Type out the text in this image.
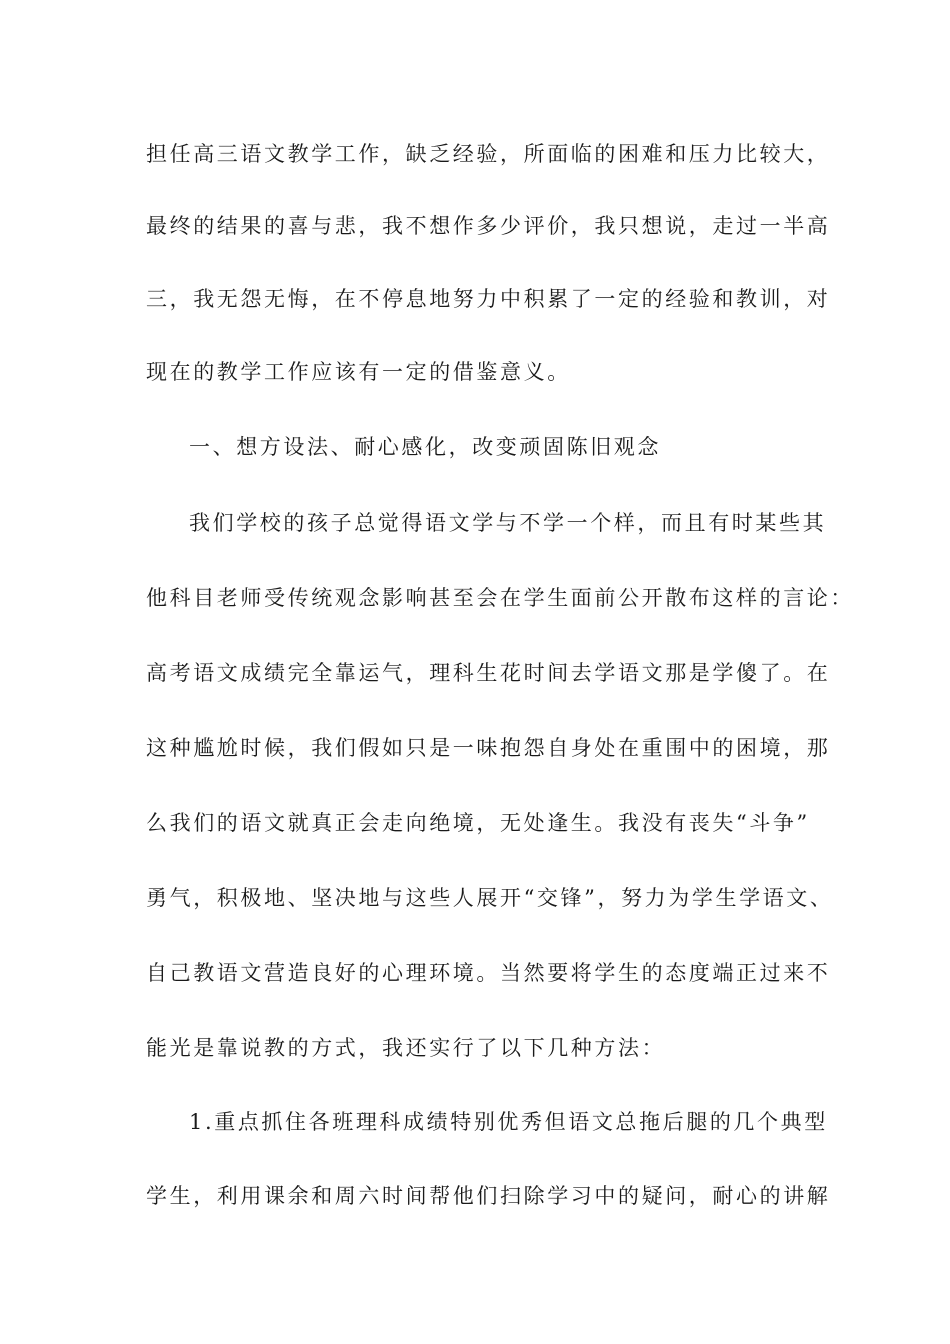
担任高三语文教学工作，缺乏经验，所面临的困难和压力比较大，
最终的结果的喜与悲，我不想作多少评价，我只想说，走过一半高
三，我无怨无悔，在不停息地努力中积累了一定的经验和教训，对
现在的教学工作应该有一定的借鉴意义。
一、想方设法、耐心感化，改变顽固陈旧观念
我们学校的孩子总觉得语文学与不学一个样，而且有时某些其
他科目老师受传统观念影响甚至会在学生面前公开散布这样的言论：
高考语文成绩完全靠运气，理科生花时间去学语文那是学傻了。在
这种尴尬时候，我们假如只是一味抱怨自身处在重围中的困境，那
么我们的语文就真正会走向绝境，无处逢生。我没有丧失“斗争”
勇气，积极地、坚决地与这些人展开“交锋”，努力为学生学语文、
自己教语文营造良好的心理环境。当然要将学生的态度端正过来不
能光是靠说教的方式，我还实行了以下几种方法：
1.重点抓住各班理科成绩特别优秀但语文总拖后腿的几个典型
学生，利用课余和周六时间帮他们扫除学习中的疑问，耐心的讲解
